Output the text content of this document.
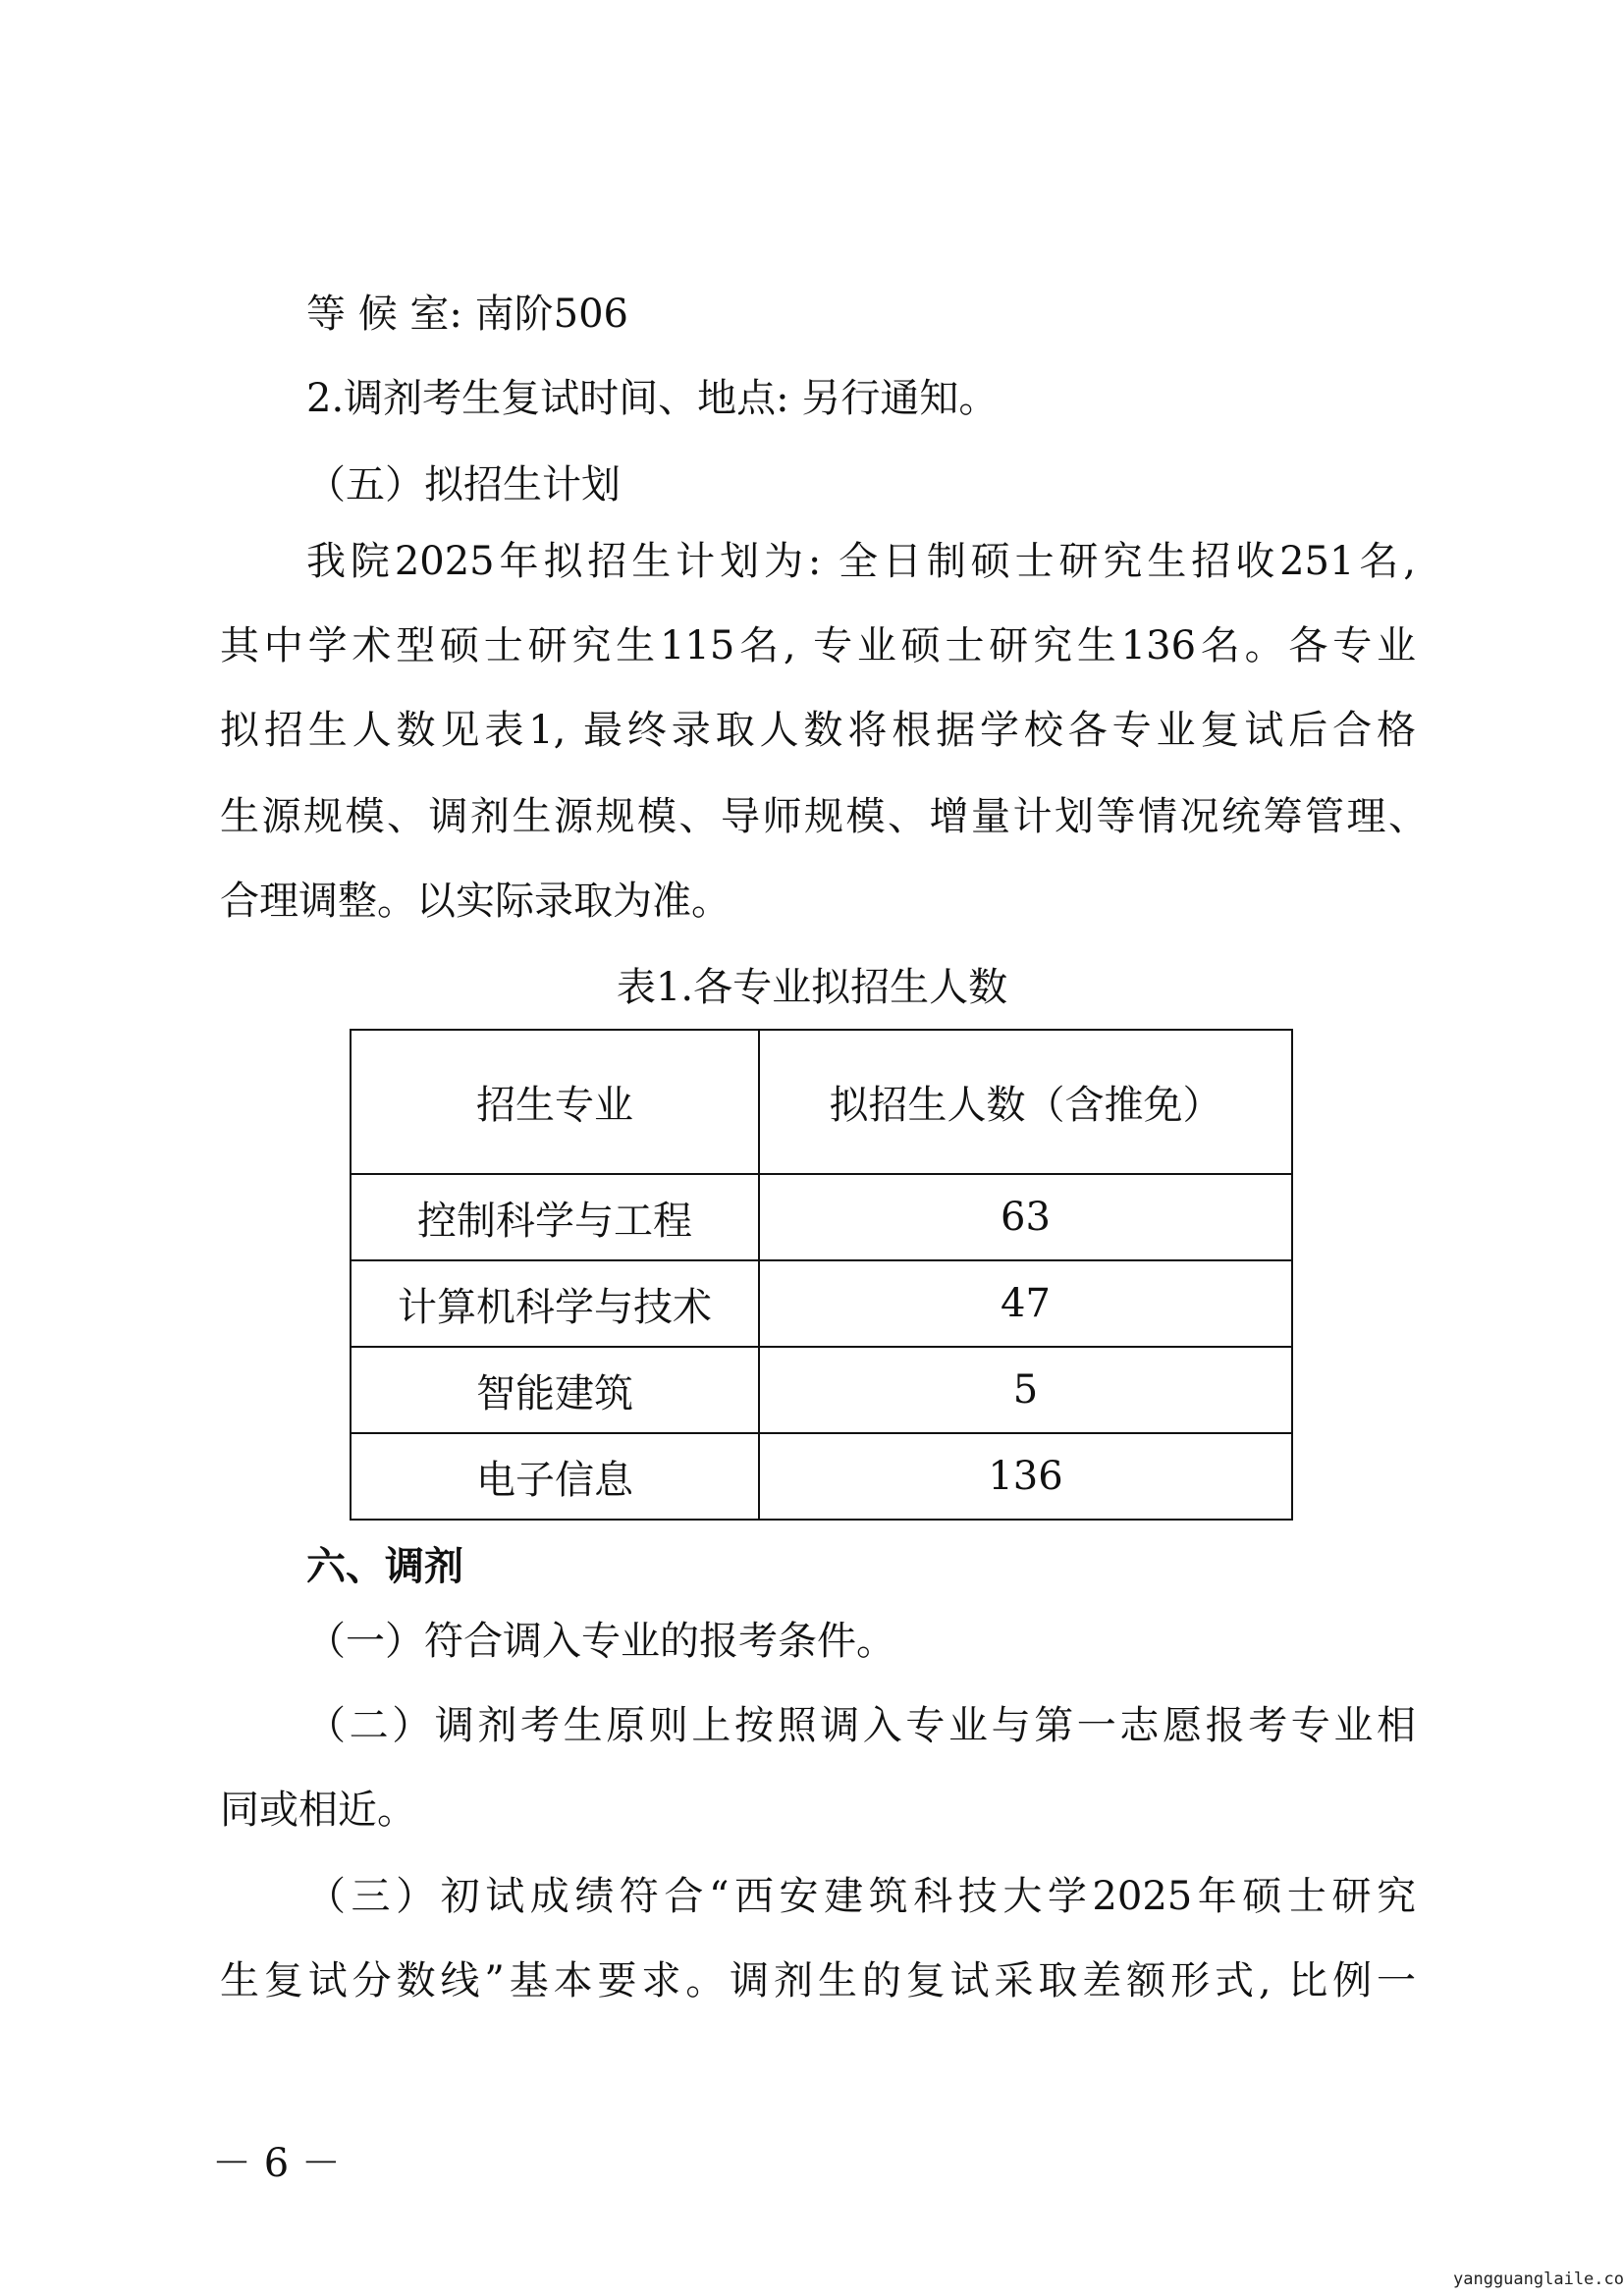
等 候 室: 南阶506
2.调剂考生复试时间、地点: 另行通知。
（五）拟招生计划
我院2025年拟招生计划为: 全日制硕士研究生招收251名,
其中学术型硕士研究生115名, 专业硕士研究生136名。各专业
拟招生人数见表1, 最终录取人数将根据学校各专业复试后合格
生源规模、调剂生源规模、导师规模、增量计划等情况统筹管理、
合理调整。以实际录取为准。
表1.各专业拟招生人数
招生专业	拟招生人数（含推免）
控制科学与工程	63
计算机科学与技术	47
智能建筑	5
电子信息	136
六、调剂
（一）符合调入专业的报考条件。
（二）调剂考生原则上按照调入专业与第一志愿报考专业相
同或相近。
（三）初试成绩符合“西安建筑科技大学2025年硕士研究
生复试分数线”基本要求。调剂生的复试采取差额形式, 比例一
－ 6 －
yangguanglaile.co
